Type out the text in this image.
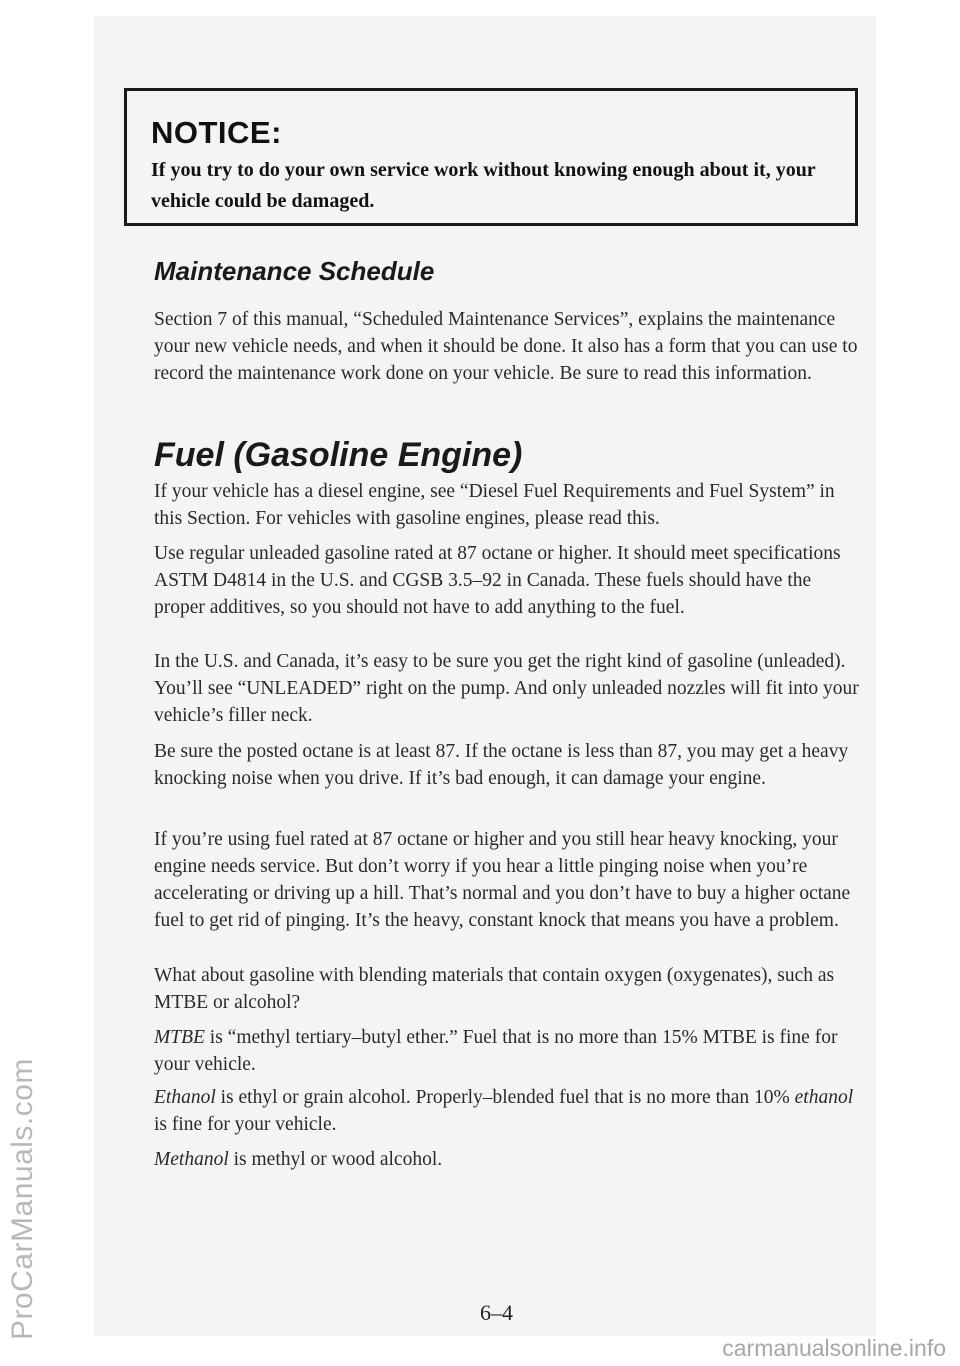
NOTICE:
If you try to do your own service work without knowing enough about it, your vehicle could be damaged.
Maintenance Schedule
Section 7 of this manual, “Scheduled Maintenance Services”, explains the maintenance your new vehicle needs, and when it should be done. It also has a form that you can use to record the maintenance work done on your vehicle. Be sure to read this information.
Fuel (Gasoline Engine)
If your vehicle has a diesel engine, see “Diesel Fuel Requirements and Fuel System” in this Section. For vehicles with gasoline engines, please read this.
Use regular unleaded gasoline rated at 87 octane or higher. It should meet specifications ASTM D4814 in the U.S. and CGSB 3.5–92 in Canada. These fuels should have the proper additives, so you should not have to add anything to the fuel.
In the U.S. and Canada, it’s easy to be sure you get the right kind of gasoline (unleaded). You’ll see “UNLEADED” right on the pump. And only unleaded nozzles will fit into your vehicle’s filler neck.
Be sure the posted octane is at least 87. If the octane is less than 87, you may get a heavy knocking noise when you drive. If it’s bad enough, it can damage your engine.
If you’re using fuel rated at 87 octane or higher and you still hear heavy knocking, your engine needs service. But don’t worry if you hear a little pinging noise when you’re accelerating or driving up a hill. That’s normal and you don’t have to buy a higher octane fuel to get rid of pinging. It’s the heavy, constant knock that means you have a problem.
What about gasoline with blending materials that contain oxygen (oxygenates), such as MTBE or alcohol?
MTBE is “methyl tertiary–butyl ether.” Fuel that is no more than 15% MTBE is fine for your vehicle.
Ethanol is ethyl or grain alcohol. Properly–blended fuel that is no more than 10% ethanol is fine for your vehicle.
Methanol is methyl or wood alcohol.
6–4
ProCarManuals.com
carmanualsonline.info
